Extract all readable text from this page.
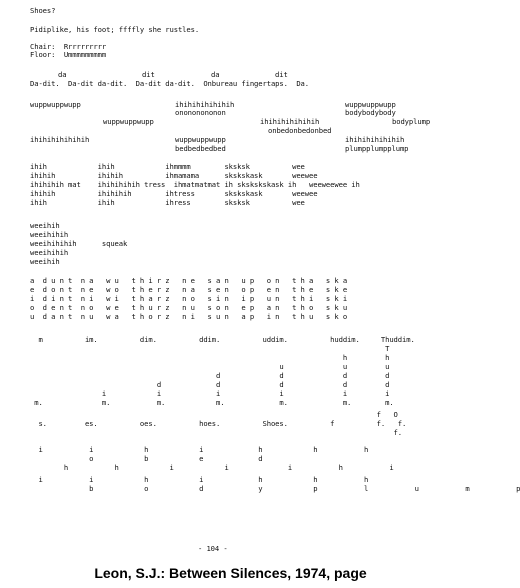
Shoes?
Pidiplike, his foot; ffffly she rustles.
Chair:  Rrrrrrrrrr
Floor:  Ummmmmmmmm
da	dit	da	dit
Da-dit.  Da-dit da-dit.  Da-dit da-dit.  Onbureau fingertaps.  Da.
wuppwuppwupp	ihihihihihihih	wuppwuppwupp
onononononon	bodybodybody
wuppwuppwupp	ihihihihihihih	bodyplump
onbedonbedonbed
ihihihihihihih	wuppwuppwupp	ihihihihihihih
bedbedbedbed	plumpplumpplump
ihih            ihih            ihmmmm        sksksk          wee
ihihih          ihihih          ihmamama      skskskask       weewee
ihihihih mat    ihihihihih tress  ihmatmatmat ih skskskskask ih   weeweewee ih
ihihih          ihihihih        ihtress       skskskask       weewee
ihih            ihih            ihress        sksksk          wee
weeihih
weeihihih
weeihihihih      squeak
weeihihih
weeihih
a  d u n t  n a   w u   t h i r z   n e   s a n   u p   o n   t h a   s k a
e  d o n t  n e   w o   t h e r z   n a   s e n   o p   e n   t h e   s k e
i  d i n t  n i   w i   t h a r z   n o   s i n   i p   u n   t h i   s k i
o  d e n t  n o   w e   t h u r z   n u   s o n   e p   a n   t h o   s k u
u  d a n t  n u   w a   t h o r z   n i   s u n   a p   i n   t h u   s k o
m          im.          dim.          ddim.          uddim.          huddim.     Thuddim.
T
h         h
u              u         u
d              d              d         d
d             d              d              d         d
i            i             i              i              i         i
m.              m.           m.            m.             m.             m.        m.
f   O
s.         es.          oes.          hoes.          Shoes.          f          f.   f.
f.
i           i            h            i             h            h           h
o            b            e             d
h           h            i            i              i           h           i
i           i            h            i             h            h           h
b            o            d             y            p           l           u           m           p
- 104 -
Leon, S.J.: Between Silences, 1974, page
